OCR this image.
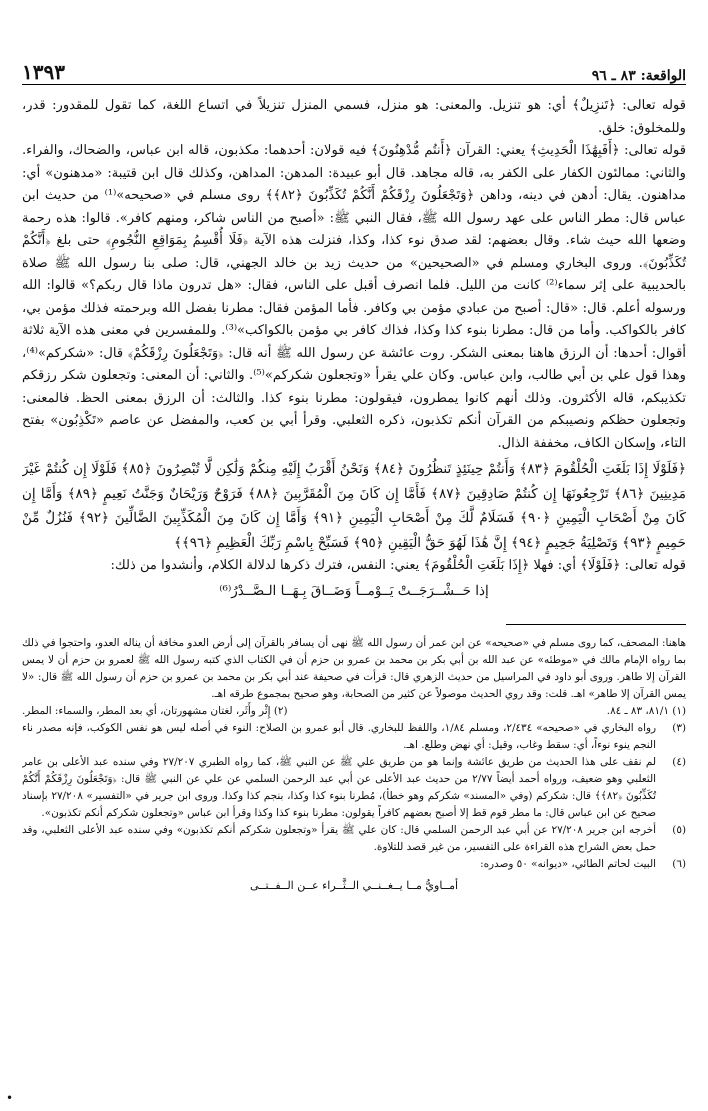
الواقعة: ٨٣ ـ ٩٦
١٣٩٣

قوله تعالى: ﴿تَنزِيلٌ﴾ أي: هو تنزيل. والمعنى: هو منزل، فسمي المنزل تنزيلاً في اتساع اللغة، كما تقول للمقدور: قدر، وللمخلوق: خلق.

قوله تعالى: ﴿أَفَبِهَٰذَا الْحَدِيثِ﴾ يعني: القرآن ﴿أَنتُم مُّدْهِنُونَ﴾ فيه قولان: أحدهما: مكذبون، قاله ابن عباس، والضحاك، والفراء. والثاني: ممالئون الكفار على الكفر به، قاله مجاهد. قال أبو عبيدة: المدهن: المداهن، وكذلك قال ابن قتيبة: «مدهنون» أي: مداهنون. يقال: أدهن في دينه، وداهن ﴿وَتَجْعَلُونَ رِزْقَكُمْ أَنَّكُمْ تُكَذِّبُونَ ﴿٨٢﴾﴾ روى مسلم في «صحيحه»⁽¹⁾ من حديث ابن عباس قال: مطر الناس على عهد رسول الله ﷺ، فقال النبي ﷺ: «أصبح من الناس شاكر، ومنهم كافر». قالوا: هذه رحمة وضعها الله حيث شاء. وقال بعضهم: لقد صدق نوء كذا، وكذا، فنزلت هذه الآية ﴿فَلَا أُقْسِمُ بِمَوَاقِعِ النُّجُومِ﴾ حتى بلغ ﴿أَنَّكُمْ تُكَذِّبُونَ﴾. وروى البخاري ومسلم في «الصحيحين» من حديث زيد بن خالد الجهني، قال: صلى بنا رسول الله ﷺ صلاة بالحديبية على إثر سماء⁽²⁾ كانت من الليل. فلما انصرف أقبل على الناس، فقال: «هل تدرون ماذا قال ربكم؟» قالوا: الله ورسوله أعلم. قال: «قال: أصبح من عبادي مؤمن بي وكافر. فأما المؤمن فقال: مطرنا بفضل الله وبرحمته فذلك مؤمن بي، كافر بالكواكب. وأما من قال: مطرنا بنوء كذا وكذا، فذاك كافر بي مؤمن بالكواكب»⁽³⁾. وللمفسرين في معنى هذه الآية ثلاثة أقوال: أحدها: أن الرزق هاهنا بمعنى الشكر. روت عائشة عن رسول الله ﷺ أنه قال: ﴿وَتَجْعَلُونَ رِزْقَكُمْ﴾ قال: «شكركم»⁽⁴⁾، وهذا قول علي بن أبي طالب، وابن عباس. وكان علي يقرأ «وتجعلون شكركم»⁽⁵⁾. والثاني: أن المعنى: وتجعلون شكر رزقكم تكذيبكم، قاله الأكثرون. وذلك أنهم كانوا يمطرون، فيقولون: مطرنا بنوء كذا. والثالث: أن الرزق بمعنى الحظ. فالمعنى: وتجعلون حظكم ونصيبكم من القرآن أنكم تكذبون، ذكره الثعلبي. وقرأ أبي بن كعب، والمفضل عن عاصم «تَكْذِبُون» بفتح التاء، وإسكان الكاف، مخففة الذال.

﴿فَلَوْلَا إِذَا بَلَغَتِ الْحُلْقُومَ ﴿٨٣﴾ وَأَنتُمْ حِينَئِذٍ تَنظُرُونَ ﴿٨٤﴾ وَنَحْنُ أَقْرَبُ إِلَيْهِ مِنكُمْ وَلَٰكِن لَّا تُبْصِرُونَ ﴿٨٥﴾ فَلَوْلَا إِن كُنتُمْ غَيْرَ مَدِينِينَ ﴿٨٦﴾ تَرْجِعُونَهَا إِن كُنتُمْ صَادِقِينَ ﴿٨٧﴾ فَأَمَّا إِن كَانَ مِنَ الْمُقَرَّبِينَ ﴿٨٨﴾ فَرَوْحٌ وَرَيْحَانٌ وَجَنَّتُ نَعِيمٍ ﴿٨٩﴾ وَأَمَّا إِن كَانَ مِنْ أَصْحَابِ الْيَمِينِ ﴿٩٠﴾ فَسَلَامٌ لَّكَ مِنْ أَصْحَابِ الْيَمِينِ ﴿٩١﴾ وَأَمَّا إِن كَانَ مِنَ الْمُكَذِّبِينَ الضَّالِّينَ ﴿٩٢﴾ فَنُزُلٌ مِّنْ حَمِيمٍ ﴿٩٣﴾ وَتَصْلِيَةُ جَحِيمٍ ﴿٩٤﴾ إِنَّ هَٰذَا لَهُوَ حَقُّ الْيَقِينِ ﴿٩٥﴾ فَسَبِّحْ بِاسْمِ رَبِّكَ الْعَظِيمِ ﴿٩٦﴾﴾

قوله تعالى: ﴿فَلَوْلَا﴾ أي: فهلا ﴿إِذَا بَلَغَتِ الْحُلْقُومَ﴾ يعني: النفس، فترك ذكرها لدلالة الكلام، وأنشدوا من ذلك:

إذا حَــشْــرَجَــتْ يَــوْمــاً وَضَــاقَ بِـهَــا الـصَّــدْرُ⁽⁶⁾
هاهنا: المصحف، كما روى مسلم في «صحيحه» عن ابن عمر أن رسول الله ﷺ نهى أن يسافر بالقرآن إلى أرض العدو مخافة أن يناله العدو، واحتجوا في ذلك بما رواه الإمام مالك في «موطئه» عن عبد الله بن أبي بكر بن محمد بن عمرو بن حزم أن في الكتاب الذي كتبه رسول الله ﷺ لعمرو بن حزم أن لا يمس القرآن إلا طاهر. وروى أبو داود في المراسيل من حديث الزهري قال: قرأت في صحيفة عند أبي بكر بن محمد بن عمرو بن حزم أن رسول الله ﷺ قال: «لا يمس القرآن إلا طاهر» اهـ. قلت: وقد روي الحديث موصولاً عن كثير من الصحابة، وهو صحيح بمجموع طرقه اهـ.
(١) ٨١/١، ٨٣ ـ ٨٤.
(٢) إِثْر وأَثَر، لغتان مشهورتان، أي بعد المطر، والسماء: المطر.
(٣)
رواه البخاري في «صحيحه» ٢/٤٣٤، ومسلم ١/٨٤، واللفظ للبخاري. قال أبو عمرو بن الصلاح: النوء في أصله ليس هو نفس الكوكب، فإنه مصدر ناء النجم ينوء نوءاً، أي: سقط وغاب، وقيل: أي نهض وطلع. اهـ.
(٤)
لم نقف على هذا الحديث من طريق عائشة وإنما هو من طريق علي ﷺ عن النبي ﷺ، كما رواه الطبري ٢٧/٢٠٧ وفي سنده عبد الأعلى بن عامر الثعلبي وهو ضعيف، ورواه أحمد أيضاً ٢/٧٧ من حديث عبد الأعلى عن أبي عبد الرحمن السلمي عن علي عن النبي ﷺ قال: ﴿وَتَجْعَلُونَ رِزْقَكُمْ أَنَّكُمْ تُكَذِّبُونَ ﴿٨٢﴾﴾ قال: شكركم (وفي «المسند» شكركم وهو خطأ)، مُطرنا بنوء كذا وكذا، بنجم كذا وكذا. وروى ابن جرير في «التفسير» ٢٧/٢٠٨ بإسناد صحيح عن ابن عباس قال: ما مطر قوم قط إلا أصبح بعضهم كافراً يقولون: مطرنا بنوء كذا وكذا وقرأ ابن عباس «وتجعلون شكركم أنكم تكذبون».
(٥)
أخرجه ابن جرير ٢٧/٢٠٨ عن أبي عبد الرحمن السلمي قال: كان علي ﷺ يقرأ «وتجعلون شكركم أنكم تكذبون» وفي سنده عبد الأعلى الثعلبي، وقد حمل بعض الشراح هذه القراءة على التفسير، من غير قصد للتلاوة.
(٦)
البيت لحاتم الطائي، «ديوانه» ٥٠ وصدره:
أمــاويُّ مــا يــغــنــي الــثَّــراء عــن الــفــتــى
•
